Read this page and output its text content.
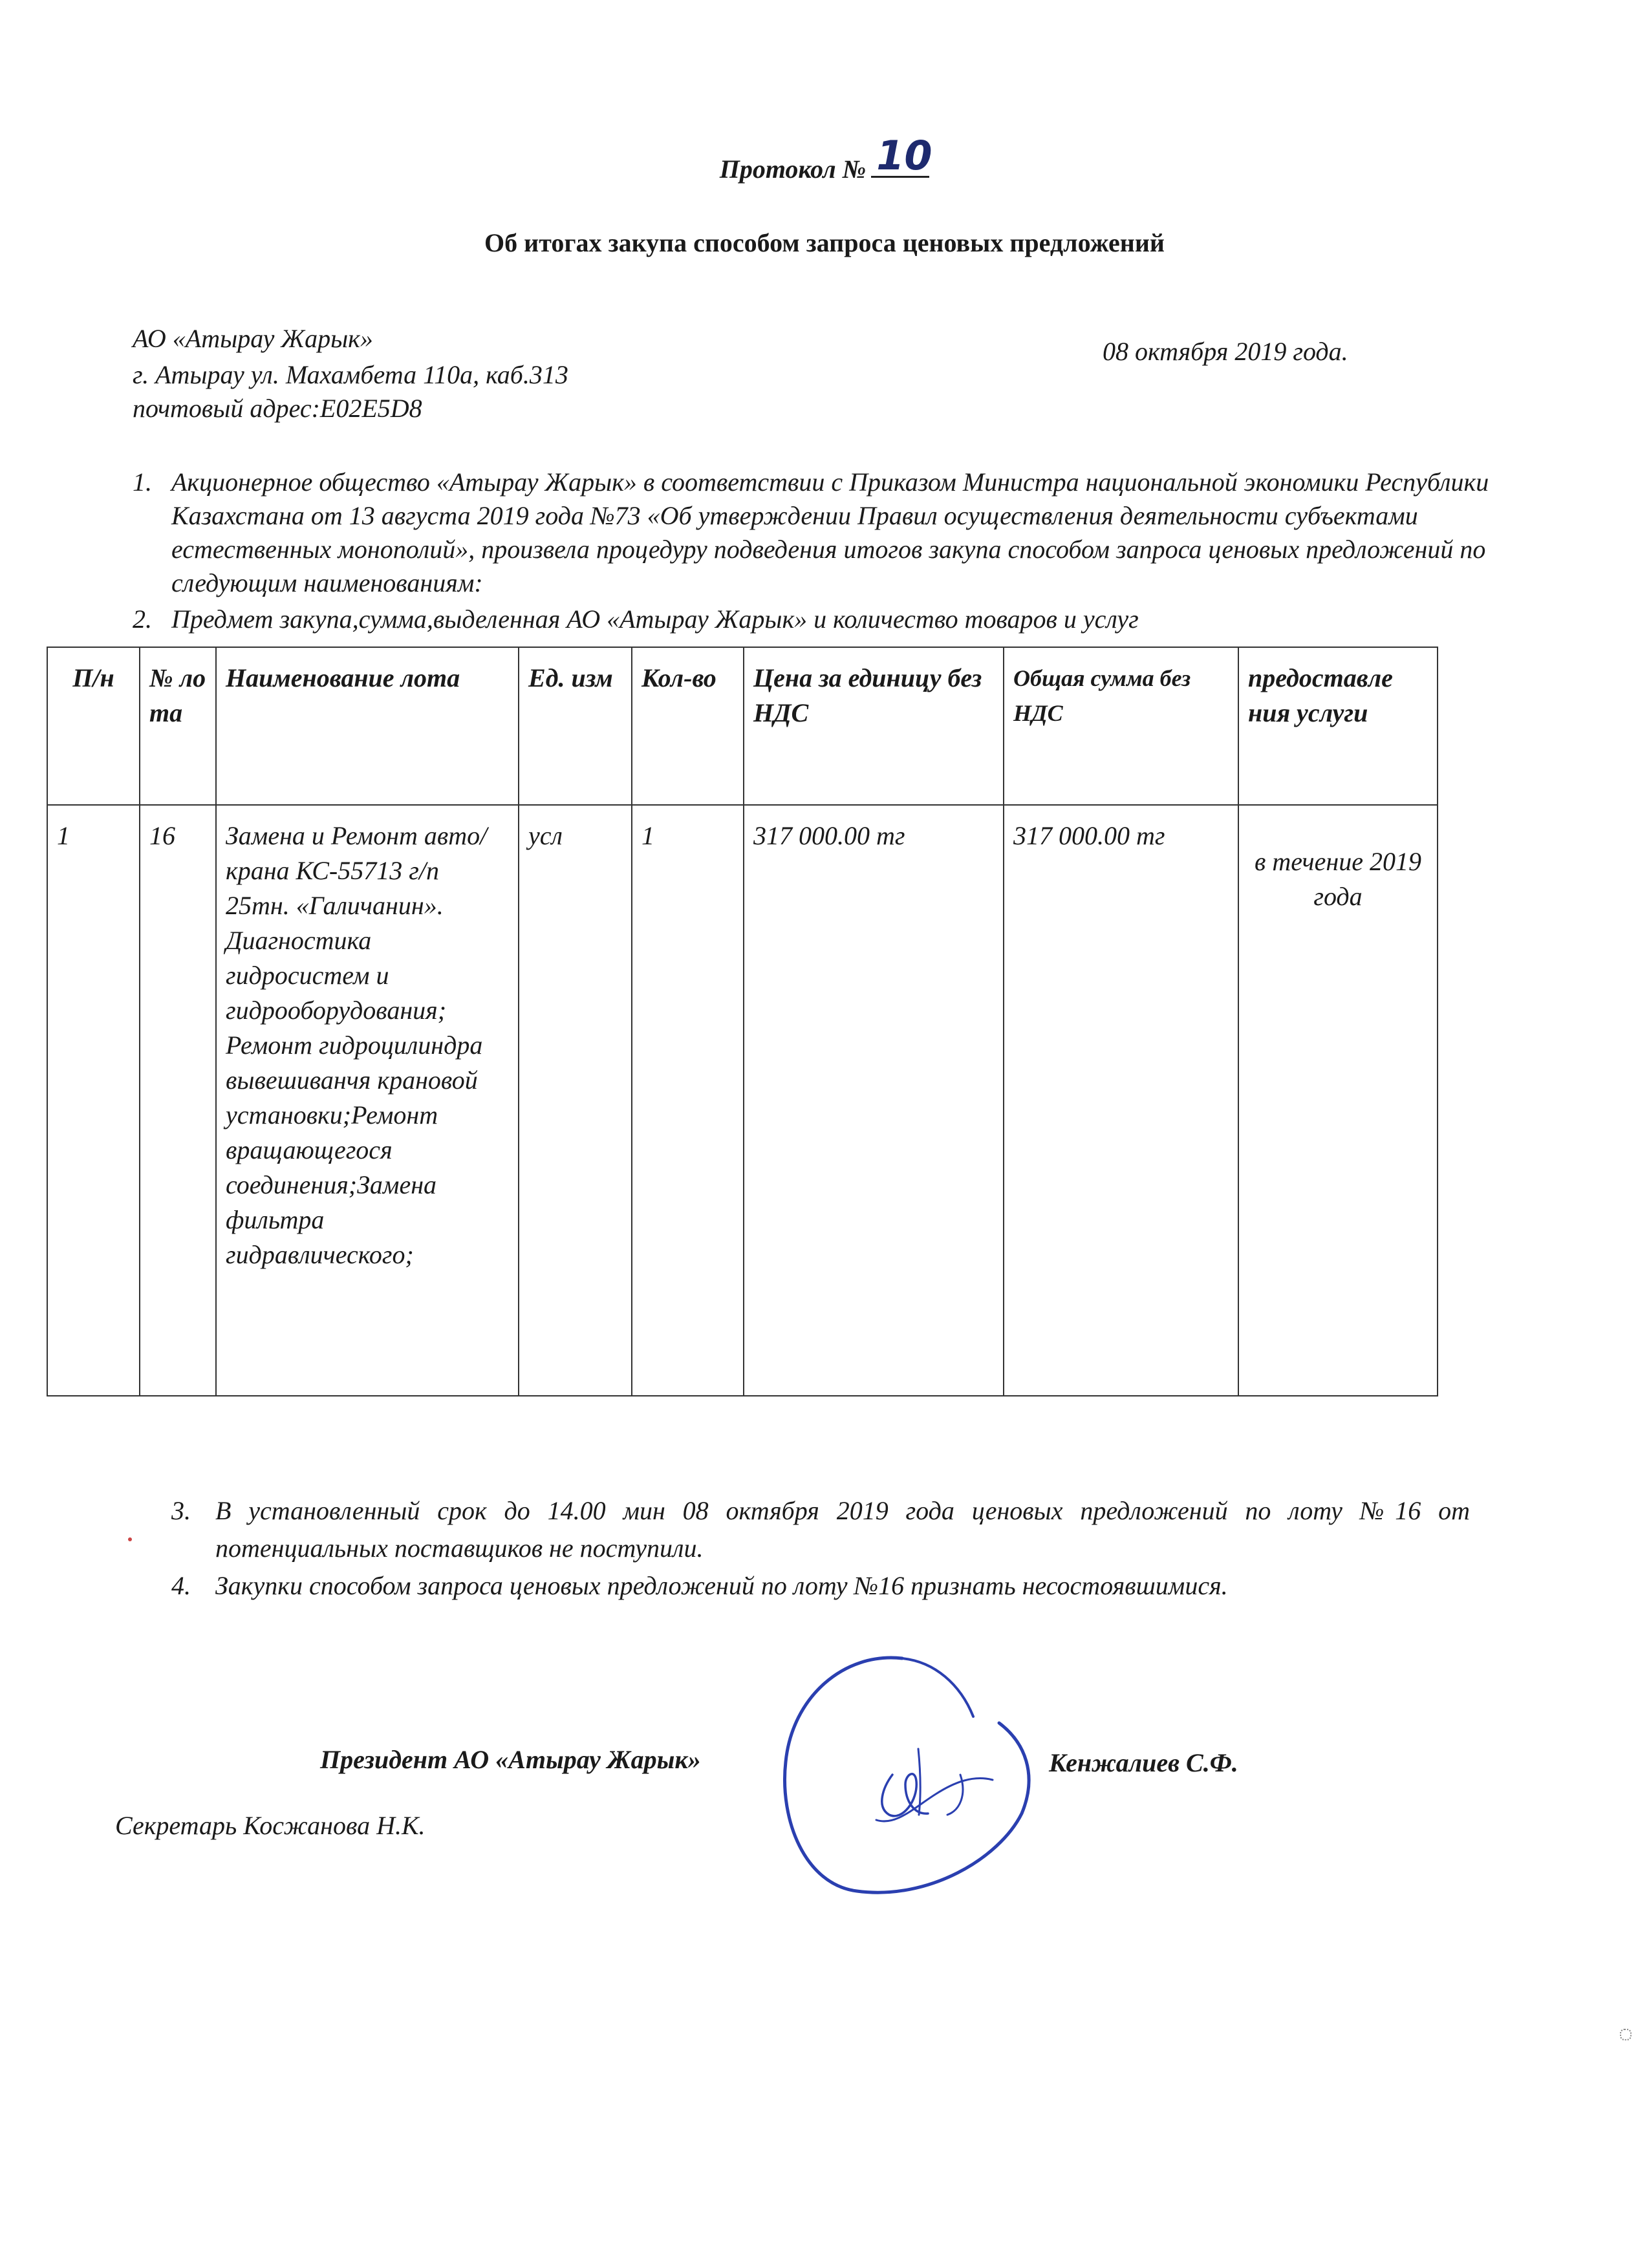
Протокол № 10
Об итогах закупа способом запроса ценовых предложений
АО «Атырау Жарык»
г. Атырау ул. Махамбета 110а, каб.313
почтовый адрес:E02E5D8
08 октября 2019 года.
1. Акционерное общество «Атырау Жарык» в соответствии с Приказом Министра национальной экономики Республики Казахстана от 13 августа 2019 года №73 «Об утверждении Правил осуществления деятельности субъектами естественных монополий», произвела процедуру подведения итогов закупа способом запроса ценовых предложений по следующим наименованиям:
2. Предмет закупа,сумма,выделенная АО «Атырау Жарык» и количество товаров и услуг
П/н	№ ло та	Наименование лота	Ед. изм	Кол-во	Цена за единицу без НДС	Общая сумма без НДС	предоставле ния услуги
1	16	Замена и Ремонт авто/крана КС-55713 г/п 25тн. «Галичанин». Диагностика гидросистем и гидрооборудования; Ремонт гидроцилиндра вывешиванчя крановой установки;Ремонт вращающегося соединения;Замена фильтра гидравлического;	усл	1	317 000.00 тг	317 000.00 тг	в течение 2019 года
3. В установленный срок до 14.00 мин 08 октября 2019 года ценовых предложений по лоту №16 от потенциальных поставщиков не поступили.
4. Закупки способом запроса ценовых предложений по лоту №16 признать несостоявшимися.
Президент АО «Атырау Жарык»	Кенжалиев С.Ф.
Секретарь Косжанова Н.К.
